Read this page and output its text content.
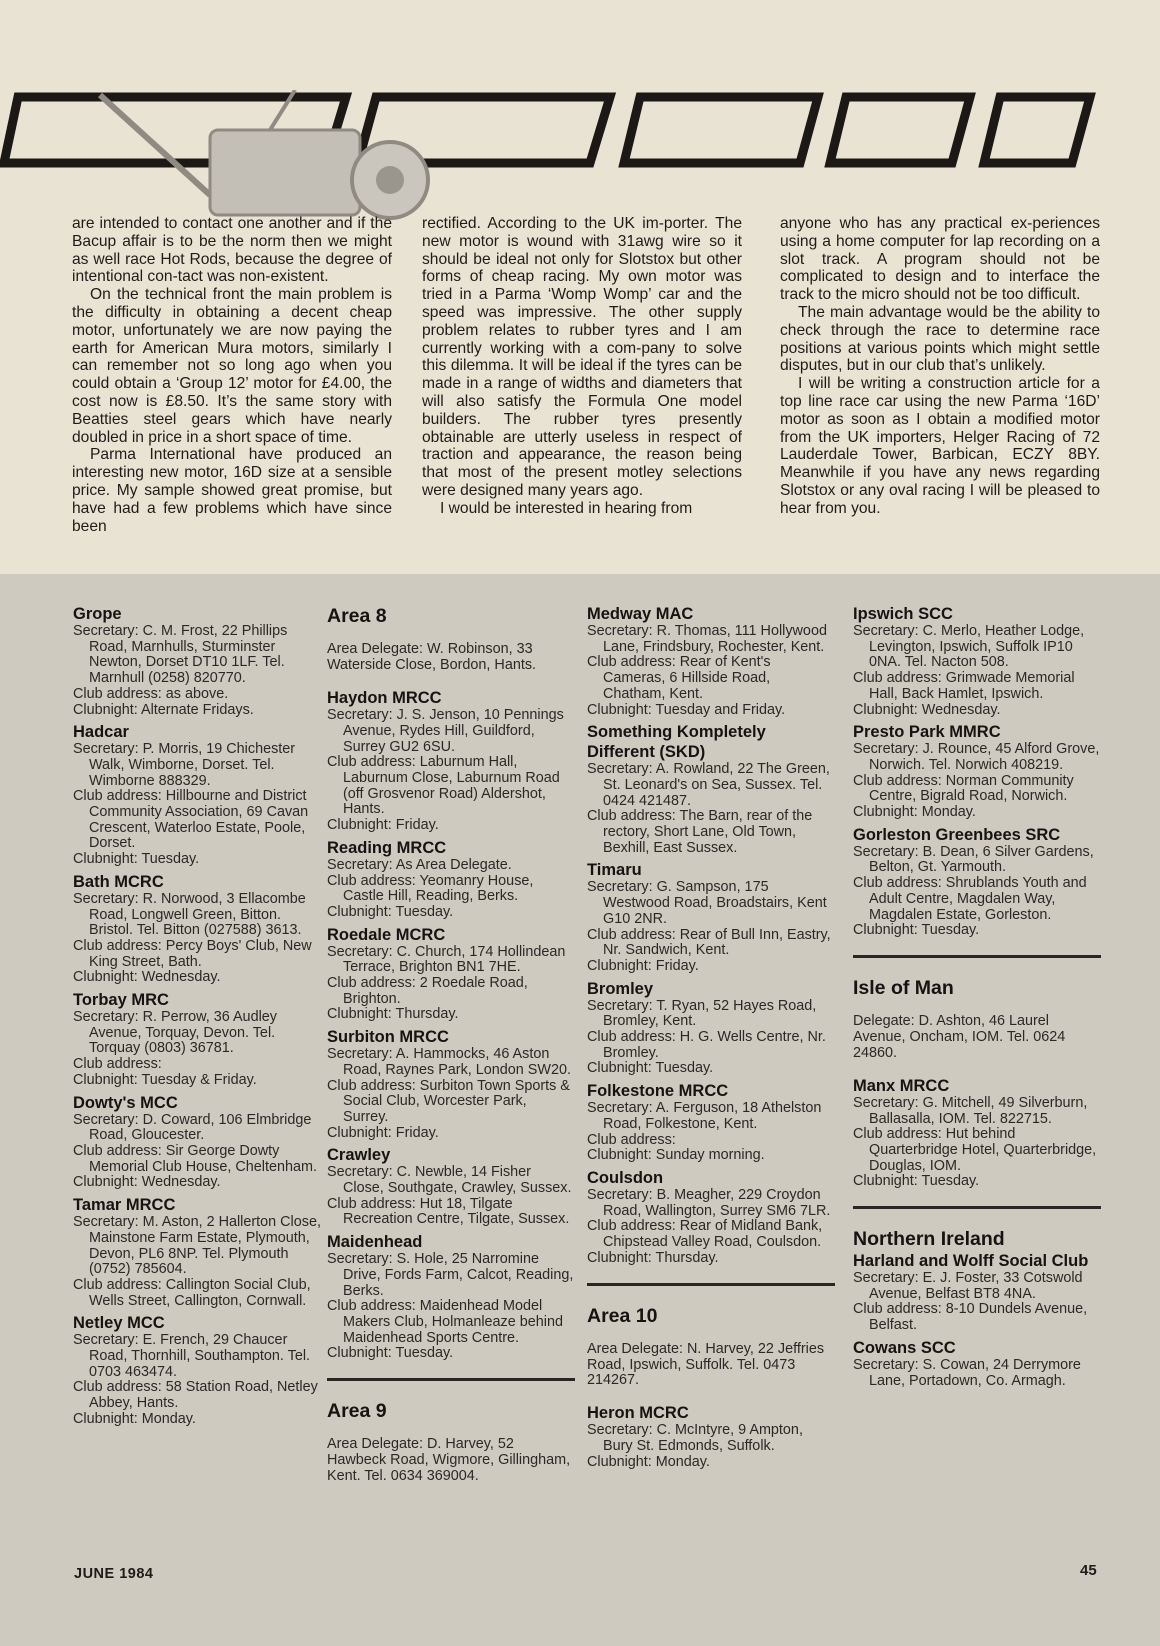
are intended to contact one another and if the Bacup affair is to be the norm then we might as well race Hot Rods, because the degree of intentional con-tact was non-existent.

On the technical front the main problem is the difficulty in obtaining a decent cheap motor, unfortunately we are now paying the earth for American Mura motors, similarly I can remember not so long ago when you could obtain a ‘Group 12’ motor for £4.00, the cost now is £8.50. It’s the same story with Beatties steel gears which have nearly doubled in price in a short space of time.

Parma International have produced an interesting new motor, 16D size at a sensible price. My sample showed great promise, but have had a few problems which have since been

rectified. According to the UK im-porter. The new motor is wound with 31awg wire so it should be ideal not only for Slotstox but other forms of cheap racing. My own motor was tried in a Parma ‘Womp Womp’ car and the speed was impressive. The other supply problem relates to rubber tyres and I am currently working with a com-pany to solve this dilemma. It will be ideal if the tyres can be made in a range of widths and diameters that will also satisfy the Formula One model builders. The rubber tyres presently obtainable are utterly useless in respect of traction and appearance, the reason being that most of the present motley selections were designed many years ago.

I would be interested in hearing from

anyone who has any practical ex-periences using a home computer for lap recording on a slot track. A program should not be complicated to design and to interface the track to the micro should not be too difficult.

The main advantage would be the ability to check through the race to determine race positions at various points which might settle disputes, but in our club that’s unlikely.

I will be writing a construction article for a top line race car using the new Parma ‘16D’ motor as soon as I obtain a modified motor from the UK importers, Helger Racing of 72 Lauderdale Tower, Barbican, ECZY 8BY. Meanwhile if you have any news regarding Slotstox or any oval racing I will be pleased to hear from you.

Grope

Secretary: C. M. Frost, 22 Phillips Road, Marnhulls, Sturminster Newton, Dorset DT10 1LF. Tel. Marnhull (0258) 820770.

Club address: as above.

Clubnight: Alternate Fridays.

Hadcar

Secretary: P. Morris, 19 Chichester Walk, Wimborne, Dorset. Tel. Wimborne 888329.

Club address: Hillbourne and District Community Association, 69 Cavan Crescent, Waterloo Estate, Poole, Dorset.

Clubnight: Tuesday.

Bath MCRC

Secretary: R. Norwood, 3 Ellacombe Road, Longwell Green, Bitton. Bristol. Tel. Bitton (027588) 3613.

Club address: Percy Boys' Club, New King Street, Bath.

Clubnight: Wednesday.

Torbay MRC

Secretary: R. Perrow, 36 Audley Avenue, Torquay, Devon. Tel. Torquay (0803) 36781.

Club address:

Clubnight: Tuesday & Friday.

Dowty's MCC

Secretary: D. Coward, 106 Elmbridge Road, Gloucester.

Club address: Sir George Dowty Memorial Club House, Cheltenham.

Clubnight: Wednesday.

Tamar MRCC

Secretary: M. Aston, 2 Hallerton Close, Mainstone Farm Estate, Plymouth, Devon, PL6 8NP. Tel. Plymouth (0752) 785604.

Club address: Callington Social Club, Wells Street, Callington, Cornwall.

Netley MCC

Secretary: E. French, 29 Chaucer Road, Thornhill, Southampton. Tel. 0703 463474.

Club address: 58 Station Road, Netley Abbey, Hants.

Clubnight: Monday.

Area 8

Area Delegate: W. Robinson, 33 Waterside Close, Bordon, Hants.

Haydon MRCC

Secretary: J. S. Jenson, 10 Pennings Avenue, Rydes Hill, Guildford, Surrey GU2 6SU.

Club address: Laburnum Hall, Laburnum Close, Laburnum Road (off Grosvenor Road) Aldershot, Hants.

Clubnight: Friday.

Reading MRCC

Secretary: As Area Delegate.

Club address: Yeomanry House, Castle Hill, Reading, Berks.

Clubnight: Tuesday.

Roedale MCRC

Secretary: C. Church, 174 Hollindean Terrace, Brighton BN1 7HE.

Club address: 2 Roedale Road, Brighton.

Clubnight: Thursday.

Surbiton MRCC

Secretary: A. Hammocks, 46 Aston Road, Raynes Park, London SW20.

Club address: Surbiton Town Sports & Social Club, Worcester Park, Surrey.

Clubnight: Friday.

Crawley

Secretary: C. Newble, 14 Fisher Close, Southgate, Crawley, Sussex.

Club address: Hut 18, Tilgate Recreation Centre, Tilgate, Sussex.

Maidenhead

Secretary: S. Hole, 25 Narromine Drive, Fords Farm, Calcot, Reading, Berks.

Club address: Maidenhead Model Makers Club, Holmanleaze behind Maidenhead Sports Centre.

Clubnight: Tuesday.

Area 9

Area Delegate: D. Harvey, 52 Hawbeck Road, Wigmore, Gillingham, Kent. Tel. 0634 369004.

Medway MAC

Secretary: R. Thomas, 111 Hollywood Lane, Frindsbury, Rochester, Kent.

Club address: Rear of Kent's Cameras, 6 Hillside Road, Chatham, Kent.

Clubnight: Tuesday and Friday.

Something Kompletely Different (SKD)

Secretary: A. Rowland, 22 The Green, St. Leonard's on Sea, Sussex. Tel. 0424 421487.

Club address: The Barn, rear of the rectory, Short Lane, Old Town, Bexhill, East Sussex.

Timaru

Secretary: G. Sampson, 175 Westwood Road, Broadstairs, Kent G10 2NR.

Club address: Rear of Bull Inn, Eastry, Nr. Sandwich, Kent.

Clubnight: Friday.

Bromley

Secretary: T. Ryan, 52 Hayes Road, Bromley, Kent.

Club address: H. G. Wells Centre, Nr. Bromley.

Clubnight: Tuesday.

Folkestone MRCC

Secretary: A. Ferguson, 18 Athelston Road, Folkestone, Kent.

Club address:

Clubnight: Sunday morning.

Coulsdon

Secretary: B. Meagher, 229 Croydon Road, Wallington, Surrey SM6 7LR.

Club address: Rear of Midland Bank, Chipstead Valley Road, Coulsdon.

Clubnight: Thursday.

Area 10

Area Delegate: N. Harvey, 22 Jeffries Road, Ipswich, Suffolk. Tel. 0473 214267.

Heron MCRC

Secretary: C. McIntyre, 9 Ampton, Bury St. Edmonds, Suffolk.

Clubnight: Monday.

Ipswich SCC

Secretary: C. Merlo, Heather Lodge, Levington, Ipswich, Suffolk IP10 0NA. Tel. Nacton 508.

Club address: Grimwade Memorial Hall, Back Hamlet, Ipswich.

Clubnight: Wednesday.

Presto Park MMRC

Secretary: J. Rounce, 45 Alford Grove, Norwich. Tel. Norwich 408219.

Club address: Norman Community Centre, Bigrald Road, Norwich.

Clubnight: Monday.

Gorleston Greenbees SRC

Secretary: B. Dean, 6 Silver Gardens, Belton, Gt. Yarmouth.

Club address: Shrublands Youth and Adult Centre, Magdalen Way, Magdalen Estate, Gorleston.

Clubnight: Tuesday.

Isle of Man

Delegate: D. Ashton, 46 Laurel Avenue, Oncham, IOM. Tel. 0624 24860.

Manx MRCC

Secretary: G. Mitchell, 49 Silverburn, Ballasalla, IOM. Tel. 822715.

Club address: Hut behind Quarterbridge Hotel, Quarterbridge, Douglas, IOM.

Clubnight: Tuesday.

Northern Ireland
Harland and Wolff Social Club

Secretary: E. J. Foster, 33 Cotswold Avenue, Belfast BT8 4NA.

Club address: 8-10 Dundels Avenue, Belfast.

Cowans SCC

Secretary: S. Cowan, 24 Derrymore Lane, Portadown, Co. Armagh.

JUNE 1984	45
